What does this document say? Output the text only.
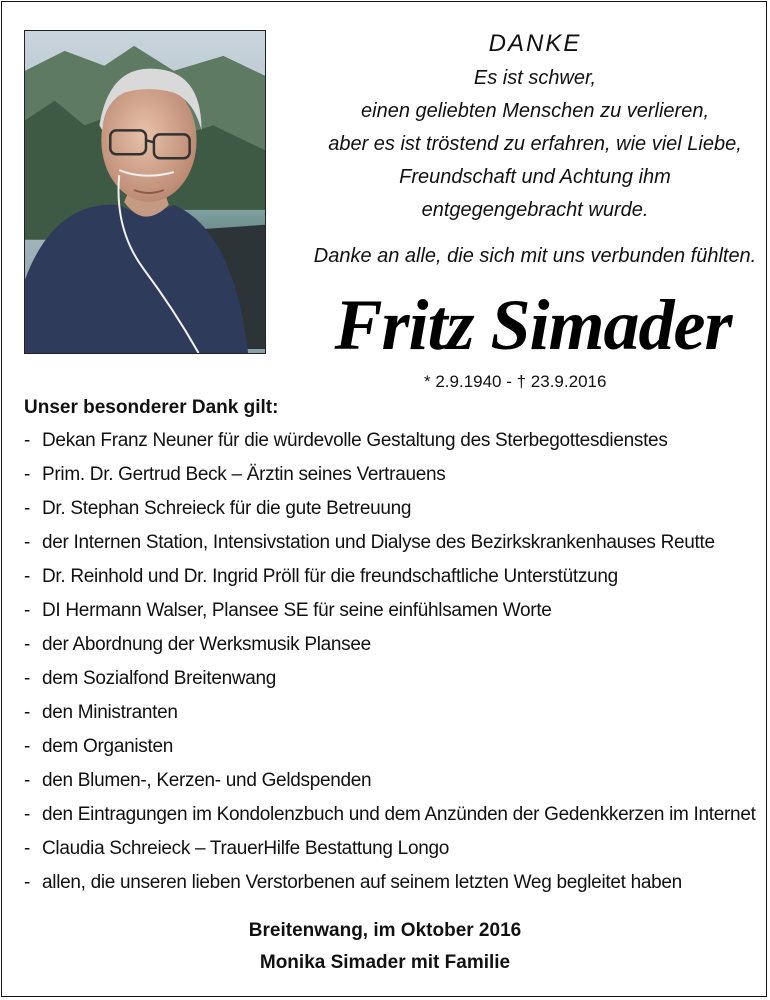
DANKE
Es ist schwer,
einen geliebten Menschen zu verlieren,
aber es ist tröstend zu erfahren, wie viel Liebe,
Freundschaft und Achtung ihm
entgegengebracht wurde.
Danke an alle, die sich mit uns verbunden fühlten.
Fritz Simader
* 2.9.1940 - † 23.9.2016
Unser besonderer Dank gilt:
- Dekan Franz Neuner für die würdevolle Gestaltung des Sterbegottesdienstes
- Prim. Dr. Gertrud Beck – Ärztin seines Vertrauens
- Dr. Stephan Schreieck für die gute Betreuung
- der Internen Station, Intensivstation und Dialyse des Bezirkskrankenhauses Reutte
- Dr. Reinhold und Dr. Ingrid Pröll für die freundschaftliche Unterstützung
- DI Hermann Walser, Plansee SE für seine einfühlsamen Worte
- der Abordnung der Werksmusik Plansee
- dem Sozialfond Breitenwang
- den Ministranten
- dem Organisten
- den Blumen-, Kerzen- und Geldspenden
- den Eintragungen im Kondolenzbuch und dem Anzünden der Gedenkkerzen im Internet
- Claudia Schreieck – TrauerHilfe Bestattung Longo
- allen, die unseren lieben Verstorbenen auf seinem letzten Weg begleitet haben
Breitenwang, im Oktober 2016
Monika Simader mit Familie
